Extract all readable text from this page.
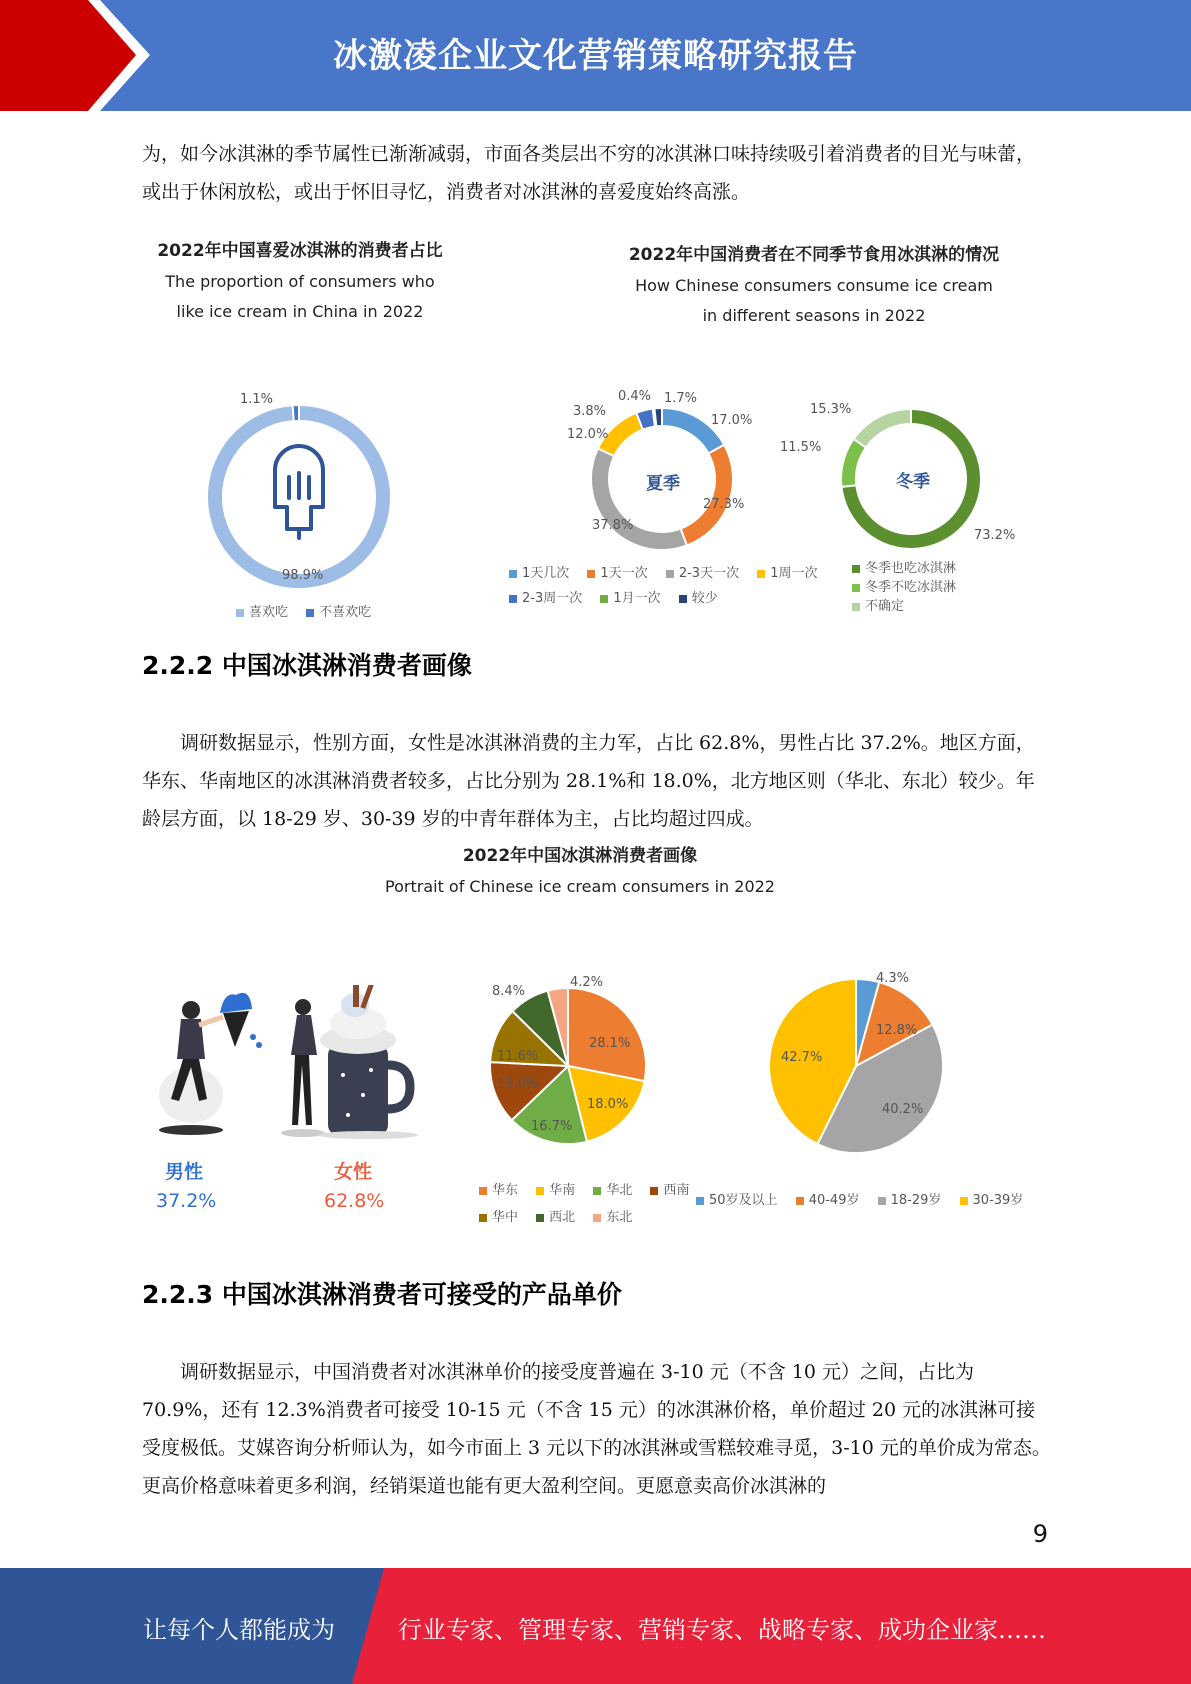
冰激凌企业文化营销策略研究报告

为，如今冰淇淋的季节属性已渐渐减弱，市面各类层出不穷的冰淇淋口味持续吸引着消费者的目光与味蕾，或出于休闲放松，或出于怀旧寻忆，消费者对冰淇淋的喜爱度始终高涨。

2022年中国喜爱冰淇淋的消费者占比
The proportion of consumers who
like ice cream in China in 2022
2022年中国消费者在不同季节食用冰淇淋的情况
How Chinese consumers consume ice cream
in different seasons in 2022
1.1%
98.9%
1.7%
17.0%
27.3%
37.8%
12.0%
3.8%
0.4%
夏季
15.3%
11.5%
73.2%
冬季
喜欢吃 不喜欢吃
1天几次 1天一次 2-3天一次 1周一次
2-3周一次 1月一次 较少
冬季也吃冰淇淋
冬季不吃冰淇淋
不确定
2.2.2 中国冰淇淋消费者画像

调研数据显示，性别方面，女性是冰淇淋消费的主力军，占比 62.8%，男性占比 37.2%。地区方面，华东、华南地区的冰淇淋消费者较多，占比分别为 28.1%和 18.0%，北方地区则（华北、东北）较少。年龄层方面，以 18-29 岁、30-39 岁的中青年群体为主，占比均超过四成。

2022年中国冰淇淋消费者画像
Portrait of Chinese ice cream consumers in 2022
男性
37.2%
女性
62.8%
8.4%
4.2%
28.1%
18.0%
16.7%
13.0%
11.6%
4.3%
12.8%
40.2%
42.7%
华东 华南 华北 西南
华中 西北 东北
50岁及以上 40-49岁 18-29岁 30-39岁
2.2.3 中国冰淇淋消费者可接受的产品单价

调研数据显示，中国消费者对冰淇淋单价的接受度普遍在 3-10 元（不含 10 元）之间，占比为 70.9%，还有 12.3%消费者可接受 10-15 元（不含 15 元）的冰淇淋价格，单价超过 20 元的冰淇淋可接受度极低。艾媒咨询分析师认为，如今市面上 3 元以下的冰淇淋或雪糕较难寻觅，3-10 元的单价成为常态。更高价格意味着更多利润，经销渠道也能有更大盈利空间。更愿意卖高价冰淇淋的

9
让每个人都能成为	行业专家、管理专家、营销专家、战略专家、成功企业家……
